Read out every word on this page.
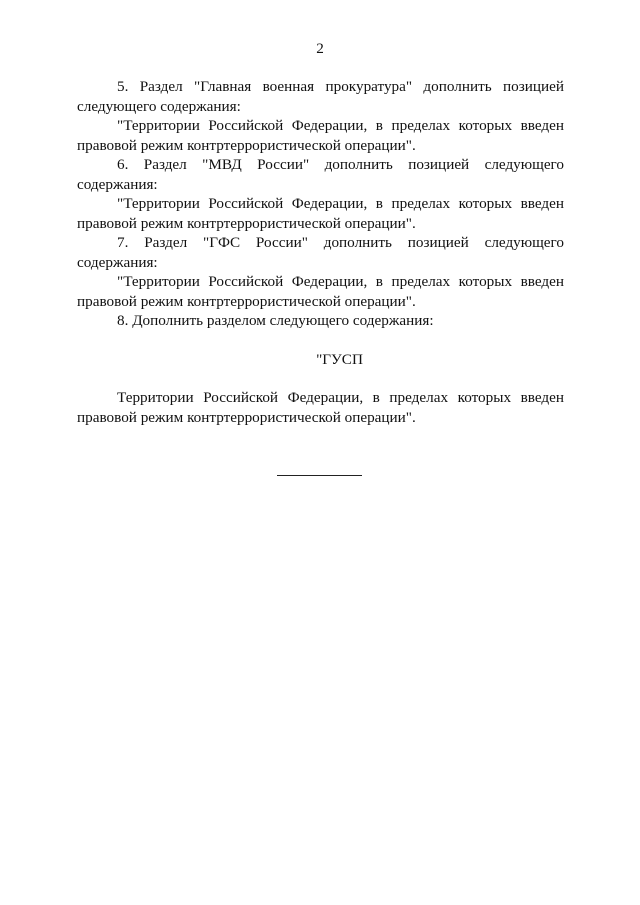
2

5. Раздел "Главная военная прокуратура" дополнить позицией следующего содержания:

"Территории Российской Федерации, в пределах которых введен правовой режим контртеррористической операции".

6. Раздел "МВД России" дополнить позицией следующего содержания:

"Территории Российской Федерации, в пределах которых введен правовой режим контртеррористической операции".

7. Раздел "ГФС России" дополнить позицией следующего содержания:

"Территории Российской Федерации, в пределах которых введен правовой режим контртеррористической операции".

8. Дополнить разделом следующего содержания:

"ГУСП

Территории Российской Федерации, в пределах которых введен правовой режим контртеррористической операции".
